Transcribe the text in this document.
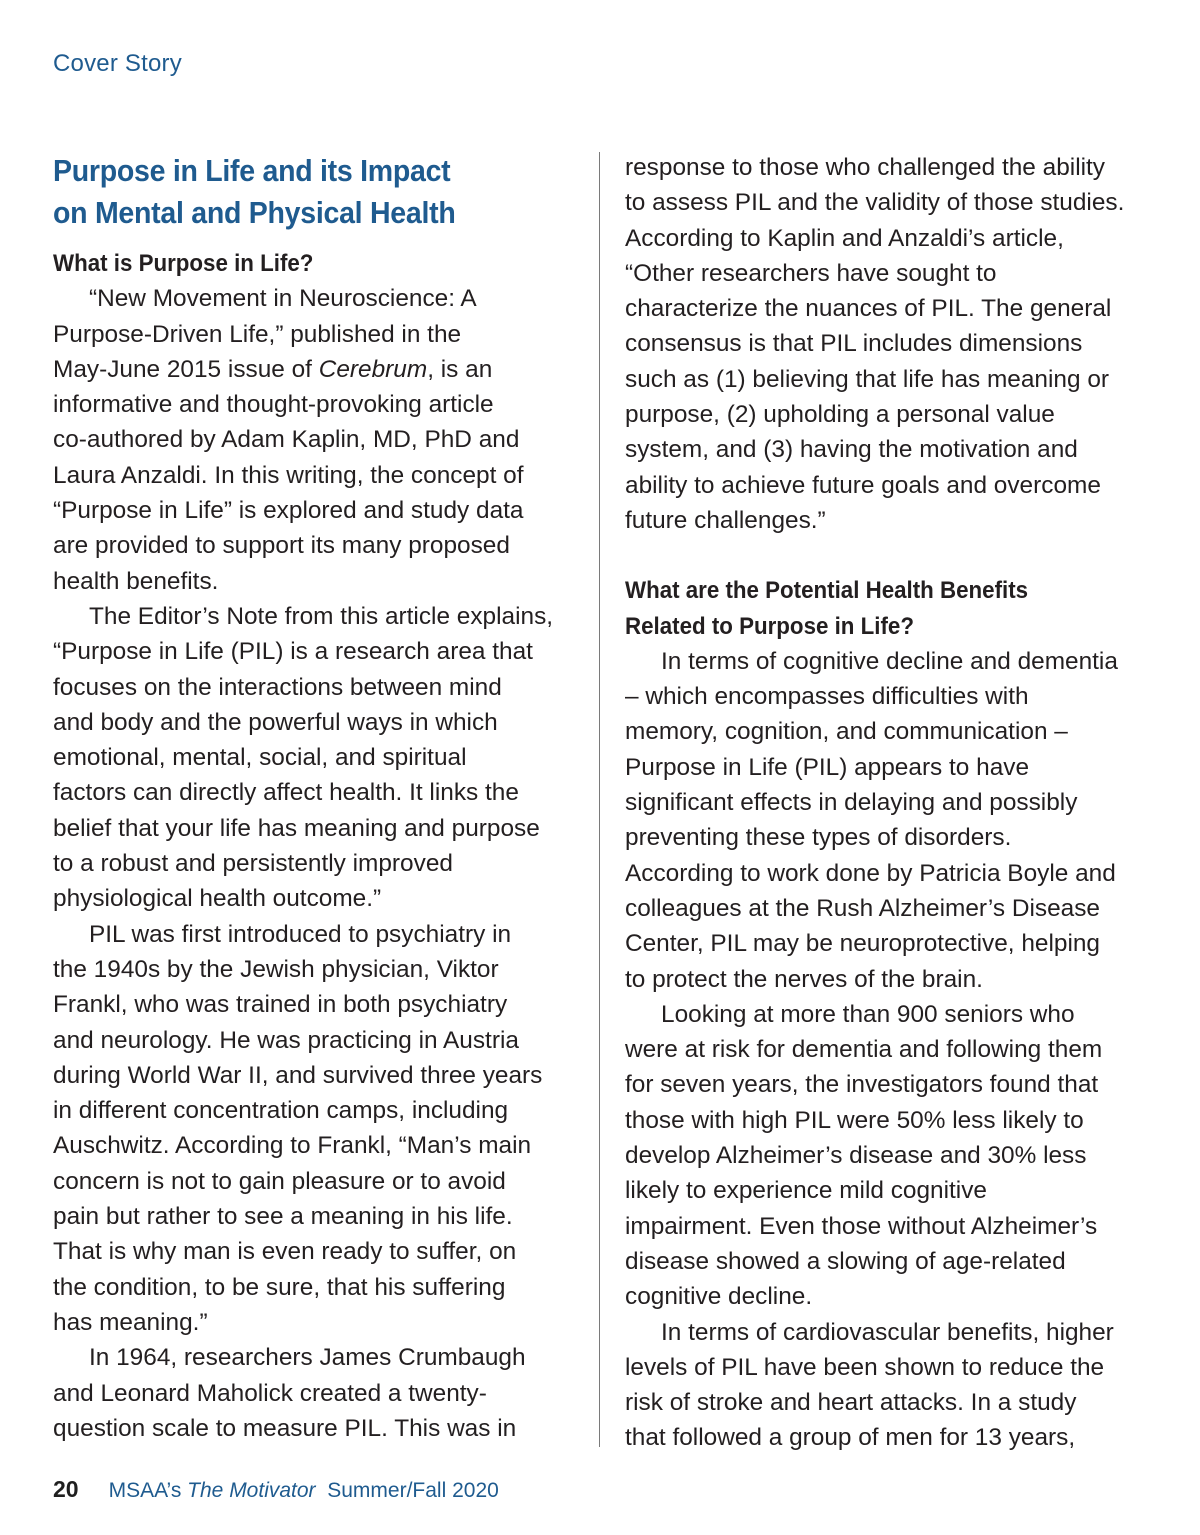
Cover Story
Purpose in Life and its Impact
on Mental and Physical Health
What is Purpose in Life?
“New Movement in Neuroscience: A
Purpose-Driven Life,” published in the
May-June 2015 issue of Cerebrum, is an
informative and thought-provoking article
co-authored by Adam Kaplin, MD, PhD and
Laura Anzaldi. In this writing, the concept of
“Purpose in Life” is explored and study data
are provided to support its many proposed
health benefits.
The Editor’s Note from this article explains,
“Purpose in Life (PIL) is a research area that
focuses on the interactions between mind
and body and the powerful ways in which
emotional, mental, social, and spiritual
factors can directly affect health. It links the
belief that your life has meaning and purpose
to a robust and persistently improved
physiological health outcome.”
PIL was first introduced to psychiatry in
the 1940s by the Jewish physician, Viktor
Frankl, who was trained in both psychiatry
and neurology. He was practicing in Austria
during World War II, and survived three years
in different concentration camps, including
Auschwitz. According to Frankl, “Man’s main
concern is not to gain pleasure or to avoid
pain but rather to see a meaning in his life.
That is why man is even ready to suffer, on
the condition, to be sure, that his suffering
has meaning.”
In 1964, researchers James Crumbaugh
and Leonard Maholick created a twenty-
question scale to measure PIL. This was in
response to those who challenged the ability
to assess PIL and the validity of those studies.
According to Kaplin and Anzaldi’s article,
“Other researchers have sought to
characterize the nuances of PIL. The general
consensus is that PIL includes dimensions
such as (1) believing that life has meaning or
purpose, (2) upholding a personal value
system, and (3) having the motivation and
ability to achieve future goals and overcome
future challenges.”
What are the Potential Health Benefits
Related to Purpose in Life?
In terms of cognitive decline and dementia
– which encompasses difficulties with
memory, cognition, and communication –
Purpose in Life (PIL) appears to have
significant effects in delaying and possibly
preventing these types of disorders.
According to work done by Patricia Boyle and
colleagues at the Rush Alzheimer’s Disease
Center, PIL may be neuroprotective, helping
to protect the nerves of the brain.
Looking at more than 900 seniors who
were at risk for dementia and following them
for seven years, the investigators found that
those with high PIL were 50% less likely to
develop Alzheimer’s disease and 30% less
likely to experience mild cognitive
impairment. Even those without Alzheimer’s
disease showed a slowing of age-related
cognitive decline.
In terms of cardiovascular benefits, higher
levels of PIL have been shown to reduce the
risk of stroke and heart attacks. In a study
that followed a group of men for 13 years,
20 MSAA’s The Motivator  Summer/Fall 2020
